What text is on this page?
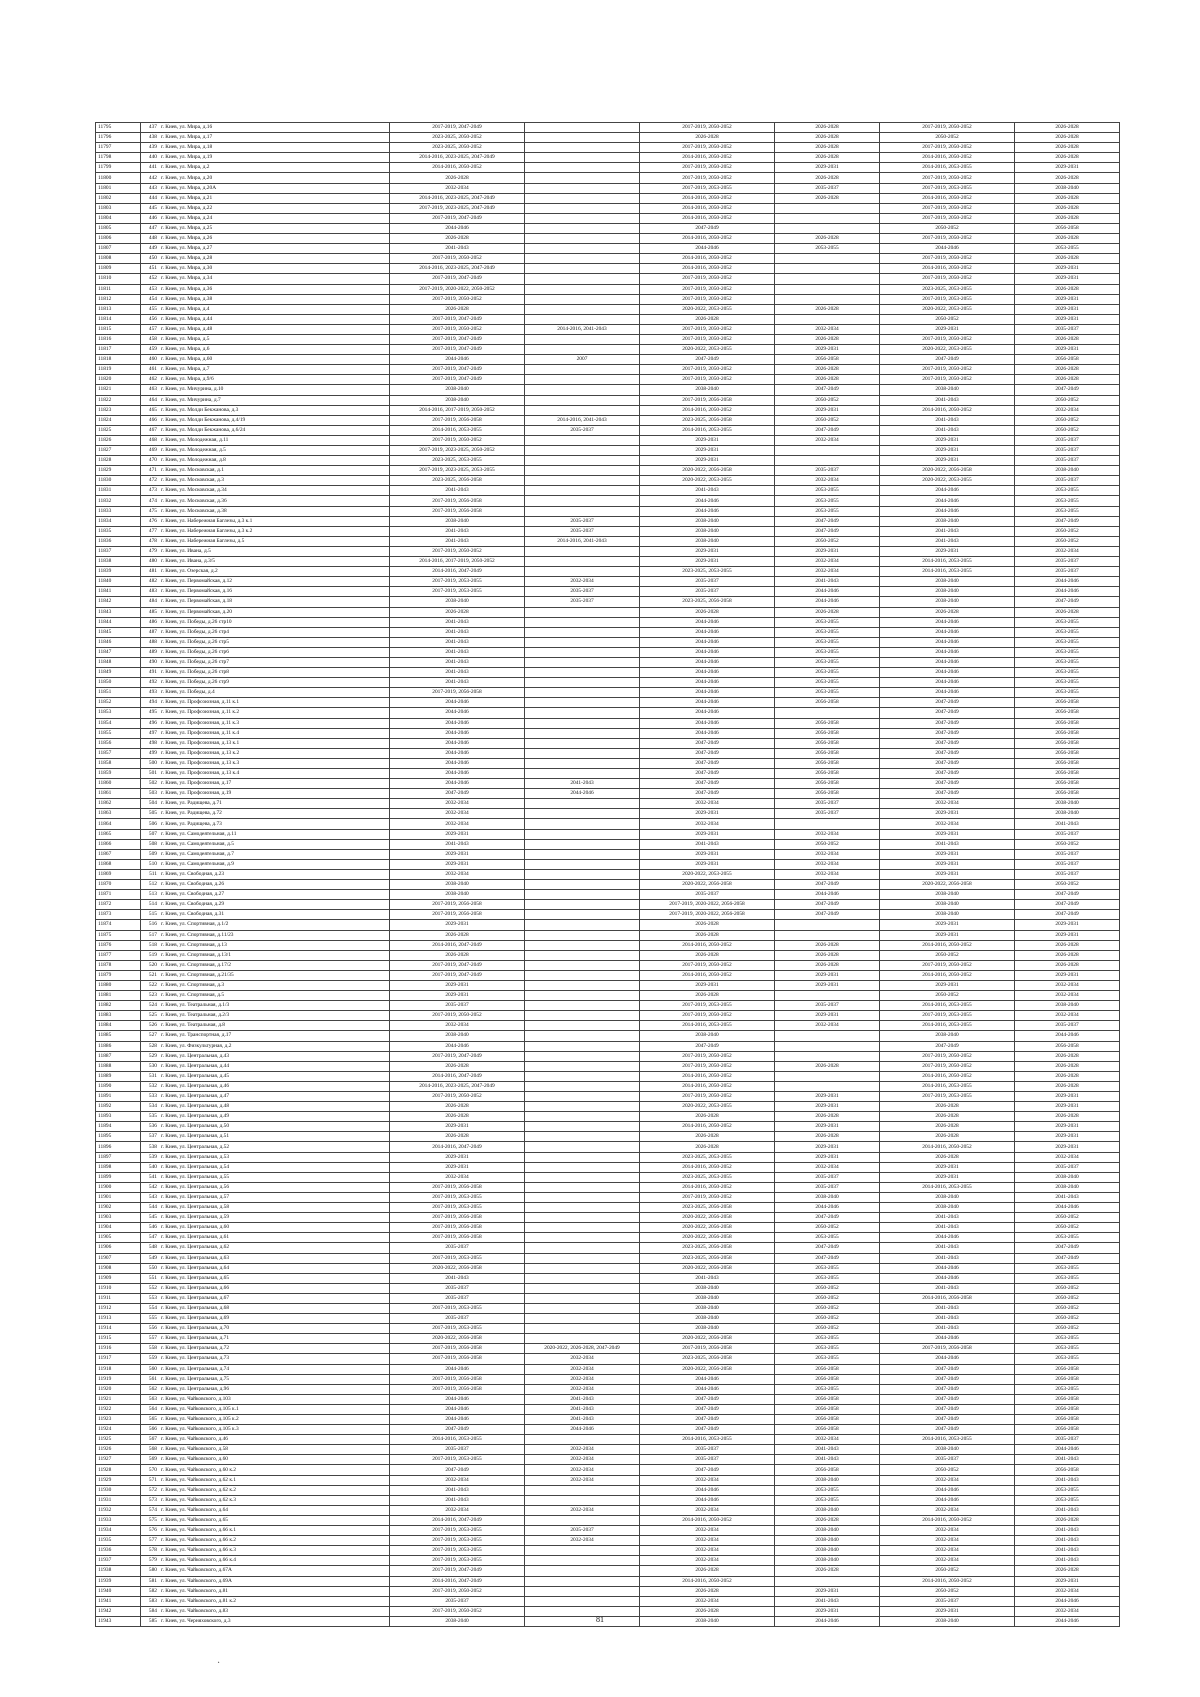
11795	437	г. Киев, ул. Мира, д.16	2017-2019, 2047-2049		2017-2019, 2050-2052	2026-2028	2017-2019, 2050-2052	2026-2028
11796	438	г. Киев, ул. Мира, д.17	2023-2025, 2050-2052		2026-2028	2026-2028	2050-2052	2026-2028
11797	439	г. Киев, ул. Мира, д.18	2023-2025, 2050-2052		2017-2019, 2050-2052	2026-2028	2017-2019, 2050-2052	2026-2028
11798	440	г. Киев, ул. Мира, д.19	2014-2016, 2023-2025, 2047-2049		2014-2016, 2050-2052	2026-2028	2014-2016, 2050-2052	2026-2028
11799	441	г. Киев, ул. Мира, д.2	2014-2016, 2050-2052		2017-2019, 2050-2052	2029-2031	2014-2016, 2053-2055	2029-2031
11800	442	г. Киев, ул. Мира, д.20	2026-2028		2017-2019, 2050-2052	2026-2028	2017-2019, 2050-2052	2026-2028
11801	443	г. Киев, ул. Мира, д.20А	2032-2034		2017-2019, 2053-2055	2035-2037	2017-2019, 2053-2055	2038-2040
11802	444	г. Киев, ул. Мира, д.21	2014-2016, 2023-2025, 2047-2049		2014-2016, 2050-2052	2026-2028	2014-2016, 2050-2052	2026-2028
11803	445	г. Киев, ул. Мира, д.22	2017-2019, 2023-2025, 2047-2049		2014-2016, 2050-2052		2017-2019, 2050-2052	2026-2028
11804	446	г. Киев, ул. Мира, д.24	2017-2019, 2047-2049		2014-2016, 2050-2052		2017-2019, 2050-2052	2026-2028
11805	447	г. Киев, ул. Мира, д.25	2044-2046		2047-2049		2050-2052	2056-2058
11806	448	г. Киев, ул. Мира, д.26	2026-2028		2014-2016, 2050-2052	2026-2028	2017-2019, 2050-2052	2026-2028
11807	449	г. Киев, ул. Мира, д.27	2041-2043		2044-2046	2053-2055	2044-2046	2053-2055
11808	450	г. Киев, ул. Мира, д.28	2017-2019, 2050-2052		2014-2016, 2050-2052		2017-2019, 2050-2052	2026-2028
11809	451	г. Киев, ул. Мира, д.30	2014-2016, 2023-2025, 2047-2049		2014-2016, 2050-2052		2014-2016, 2050-2052	2029-2031
11810	452	г. Киев, ул. Мира, д.34	2017-2019, 2047-2049		2017-2019, 2050-2052		2017-2019, 2050-2052	2029-2031
11811	453	г. Киев, ул. Мира, д.36	2017-2019, 2020-2022, 2050-2052		2017-2019, 2050-2052		2023-2025, 2053-2055	2026-2028
11812	454	г. Киев, ул. Мира, д.38	2017-2019, 2050-2052		2017-2019, 2050-2052		2017-2019, 2053-2055	2029-2031
11813	455	г. Киев, ул. Мира, д.4	2026-2028		2020-2022, 2053-2055	2026-2028	2020-2022, 2053-2055	2029-2031
11814	456	г. Киев, ул. Мира, д.44	2017-2019, 2047-2049		2026-2028		2050-2052	2029-2031
11815	457	г. Киев, ул. Мира, д.48	2017-2019, 2050-2052	2014-2016, 2041-2043	2017-2019, 2050-2052	2032-2034	2029-2031	2035-2037
11816	458	г. Киев, ул. Мира, д.5	2017-2019, 2047-2049		2017-2019, 2050-2052	2026-2028	2017-2019, 2050-2052	2026-2028
11817	459	г. Киев, ул. Мира, д.6	2017-2019, 2047-2049		2020-2022, 2053-2055	2029-2031	2020-2022, 2053-2055	2029-2031
11818	460	г. Киев, ул. Мира, д.60	2044-2046	2007	2047-2049	2056-2058	2047-2049	2056-2058
11819	461	г. Киев, ул. Мира, д.7	2017-2019, 2047-2049		2017-2019, 2050-2052	2026-2028	2017-2019, 2050-2052	2026-2028
11820	462	г. Киев, ул. Мира, д.9/6	2017-2019, 2047-2049		2017-2019, 2050-2052	2026-2028	2017-2019, 2050-2052	2026-2028
11821	463	г. Киев, ул. Мичурина, д.10	2038-2040		2038-2040	2047-2049	2038-2040	2047-2049
11822	464	г. Киев, ул. Мичурина, д.7	2038-2040		2017-2019, 2056-2058	2050-2052	2041-2043	2050-2052
11823	465	г. Киев, ул. Молди Бекжанова, д.3	2014-2016, 2017-2019, 2050-2052		2014-2016, 2050-2052	2029-2031	2014-2016, 2050-2052	2032-2034
11824	466	г. Киев, ул. Молди Бекжанова, д.4/19	2017-2019, 2056-2058	2014-2016, 2041-2043	2023-2025, 2056-2058	2050-2052	2041-2043	2050-2052
11825	467	г. Киев, ул. Молди Бекжанова, д.6/24	2014-2016, 2053-2055	2035-2037	2014-2016, 2053-2055	2047-2049	2041-2043	2050-2052
11826	468	г. Киев, ул. Молодежная, д.11	2017-2019, 2050-2052		2029-2031	2032-2034	2029-2031	2035-2037
11827	469	г. Киев, ул. Молодежная, д.5	2017-2019, 2023-2025, 2050-2052		2029-2031		2029-2031	2035-2037
11828	470	г. Киев, ул. Молодежная, д.8	2023-2025, 2053-2055		2029-2031		2029-2031	2035-2037
11829	471	г. Киев, ул. Московская, д.1	2017-2019, 2023-2025, 2053-2055		2020-2022, 2056-2058	2035-2037	2020-2022, 2056-2058	2038-2040
11830	472	г. Киев, ул. Московская, д.3	2023-2025, 2056-2058		2020-2022, 2053-2055	2032-2034	2020-2022, 2053-2055	2035-2037
11831	473	г. Киев, ул. Московская, д.34	2041-2043		2041-2043	2053-2055	2044-2046	2053-2055
11832	474	г. Киев, ул. Московская, д.36	2017-2019, 2056-2058		2044-2046	2053-2055	2044-2046	2053-2055
11833	475	г. Киев, ул. Московская, д.38	2017-2019, 2056-2058		2044-2046	2053-2055	2044-2046	2053-2055
11834	476	г. Киев, ул. Набережная Баглезы, д.3 к.1	2038-2040	2035-2037	2038-2040	2047-2049	2038-2040	2047-2049
11835	477	г. Киев, ул. Набережная Баглезы, д.3 к.2	2041-2043	2035-2037	2038-2040	2047-2049	2041-2043	2050-2052
11836	478	г. Киев, ул. Набережная Баглезы, д.5	2041-2043	2014-2016, 2041-2043	2038-2040	2050-2052	2041-2043	2050-2052
11837	479	г. Киев, ул. Ивана, д.5	2017-2019, 2050-2052		2029-2031	2029-2031	2029-2031	2032-2034
11838	480	г. Киев, ул. Ивана, д.3/5	2014-2016, 2017-2019, 2050-2052		2029-2031	2032-2034	2014-2016, 2053-2055	2035-2037
11839	481	г. Киев, ул. Озерская, д.2	2014-2016, 2047-2049		2023-2025, 2053-2055	2032-2034	2014-2016, 2053-2055	2035-2037
11840	482	г. Киев, ул. Первомайская, д.12	2017-2019, 2053-2055	2032-2034	2035-2037	2041-2043	2038-2040	2044-2046
11841	483	г. Киев, ул. Первомайская, д.16	2017-2019, 2053-2055	2035-2037	2035-2037	2044-2046	2038-2040	2044-2046
11842	484	г. Киев, ул. Первомайская, д.18	2038-2040	2035-2037	2023-2025, 2056-2058	2044-2046	2038-2040	2047-2049
11843	485	г. Киев, ул. Первомайская, д.20	2026-2028		2026-2028	2026-2028	2026-2028	2026-2028
11844	486	г. Киев, ул. Победы, д.26 стр10	2041-2043		2044-2046	2053-2055	2044-2046	2053-2055
11845	487	г. Киев, ул. Победы, д.26 стр4	2041-2043		2044-2046	2053-2055	2044-2046	2053-2055
11846	488	г. Киев, ул. Победы, д.26 стр5	2041-2043		2044-2046	2053-2055	2044-2046	2053-2055
11847	489	г. Киев, ул. Победы, д.26 стр6	2041-2043		2044-2046	2053-2055	2044-2046	2053-2055
11848	490	г. Киев, ул. Победы, д.26 стр7	2041-2043		2044-2046	2053-2055	2044-2046	2053-2055
11849	491	г. Киев, ул. Победы, д.26 стр8	2041-2043		2044-2046	2053-2055	2044-2046	2053-2055
11850	492	г. Киев, ул. Победы, д.26 стр9	2041-2043		2044-2046	2053-2055	2044-2046	2053-2055
11851	493	г. Киев, ул. Победы, д.4	2017-2019, 2056-2058		2044-2046	2053-2055	2044-2046	2053-2055
11852	494	г. Киев, ул. Профсоюзная, д.11 к.1	2044-2046		2044-2046	2056-2058	2047-2049	2056-2058
11853	495	г. Киев, ул. Профсоюзная, д.11 к.2	2044-2046		2044-2046		2047-2049	2056-2058
11854	496	г. Киев, ул. Профсоюзная, д.11 к.3	2044-2046		2044-2046	2056-2058	2047-2049	2056-2058
11855	497	г. Киев, ул. Профсоюзная, д.11 к.4	2044-2046		2044-2046	2056-2058	2047-2049	2056-2058
11856	498	г. Киев, ул. Профсоюзная, д.13 к.1	2044-2046		2047-2049	2056-2058	2047-2049	2056-2058
11857	499	г. Киев, ул. Профсоюзная, д.13 к.2	2044-2046		2047-2049	2056-2058	2047-2049	2056-2058
11858	500	г. Киев, ул. Профсоюзная, д.13 к.3	2044-2046		2047-2049	2056-2058	2047-2049	2056-2058
11859	501	г. Киев, ул. Профсоюзная, д.13 к.4	2044-2046		2047-2049	2056-2058	2047-2049	2056-2058
11860	502	г. Киев, ул. Профсоюзная, д.17	2044-2046	2041-2043	2047-2049	2056-2058	2047-2049	2056-2058
11861	503	г. Киев, ул. Профсоюзная, д.19	2047-2049	2044-2046	2047-2049	2056-2058	2047-2049	2056-2058
11862	504	г. Киев, ул. Радищева, д.71	2032-2034		2032-2034	2035-2037	2032-2034	2038-2040
11863	505	г. Киев, ул. Радищева, д.72	2032-2034		2029-2031	2035-2037	2029-2031	2038-2040
11864	506	г. Киев, ул. Радищева, д.73	2032-2034		2032-2034		2032-2034	2041-2043
11865	507	г. Киев, ул. Самодеятельная, д.11	2029-2031		2029-2031	2032-2034	2029-2031	2035-2037
11866	508	г. Киев, ул. Самодеятельная, д.5	2041-2043		2041-2043	2050-2052	2041-2043	2050-2052
11867	509	г. Киев, ул. Самодеятельная, д.7	2029-2031		2029-2031	2032-2034	2029-2031	2035-2037
11868	510	г. Киев, ул. Самодеятельная, д.9	2029-2031		2029-2031	2032-2034	2029-2031	2035-2037
11869	511	г. Киев, ул. Свободная, д.23	2032-2034		2020-2022, 2053-2055	2032-2034	2029-2031	2035-2037
11870	512	г. Киев, ул. Свободная, д.26	2038-2040		2020-2022, 2056-2058	2047-2049	2020-2022, 2056-2058	2050-2052
11871	513	г. Киев, ул. Свободная, д.27	2038-2040		2035-2037	2044-2046	2038-2040	2047-2049
11872	514	г. Киев, ул. Свободная, д.29	2017-2019, 2056-2058		2017-2019, 2020-2022, 2056-2058	2047-2049	2038-2040	2047-2049
11873	515	г. Киев, ул. Свободная, д.31	2017-2019, 2056-2058		2017-2019, 2020-2022, 2056-2058	2047-2049	2038-2040	2047-2049
11874	516	г. Киев, ул. Спортивная, д.1/2	2029-2031		2026-2028		2029-2031	2029-2031
11875	517	г. Киев, ул. Спортивная, д.11/23	2026-2028		2026-2028		2029-2031	2029-2031
11876	518	г. Киев, ул. Спортивная, д.13	2014-2016, 2047-2049		2014-2016, 2050-2052	2026-2028	2014-2016, 2050-2052	2026-2028
11877	519	г. Киев, ул. Спортивная, д.13/1	2026-2028		2026-2028	2026-2028	2050-2052	2026-2028
11878	520	г. Киев, ул. Спортивная, д.17/2	2017-2019, 2047-2049		2017-2019, 2050-2052	2026-2028	2017-2019, 2050-2052	2026-2028
11879	521	г. Киев, ул. Спортивная, д.21/35	2017-2019, 2047-2049		2014-2016, 2050-2052	2029-2031	2014-2016, 2050-2052	2029-2031
11880	522	г. Киев, ул. Спортивная, д.3	2029-2031		2029-2031	2029-2031	2029-2031	2032-2034
11881	523	г. Киев, ул. Спортивная, д.5	2029-2031		2026-2028		2050-2052	2032-2034
11882	524	г. Киев, ул. Театральная, д.1/3	2035-2037		2017-2019, 2053-2055	2035-2037	2014-2016, 2053-2055	2038-2040
11883	525	г. Киев, ул. Театральная, д.2/3	2017-2019, 2050-2052		2017-2019, 2050-2052	2029-2031	2017-2019, 2053-2055	2032-2034
11884	526	г. Киев, ул. Театральная, д.8	2032-2034		2014-2016, 2053-2055	2032-2034	2014-2016, 2053-2055	2035-2037
11885	527	г. Киев, ул. Транспортная, д.17	2038-2040		2038-2040		2038-2040	2044-2046
11886	528	г. Киев, ул. Физкультурная, д.2	2044-2046		2047-2049		2047-2049	2056-2058
11887	529	г. Киев, ул. Центральная, д.43	2017-2019, 2047-2049		2017-2019, 2050-2052		2017-2019, 2050-2052	2026-2028
11888	530	г. Киев, ул. Центральная, д.44	2026-2028		2017-2019, 2050-2052	2026-2028	2017-2019, 2050-2052	2026-2028
11889	531	г. Киев, ул. Центральная, д.45	2014-2016, 2047-2049		2014-2016, 2050-2052		2014-2016, 2050-2052	2026-2028
11890	532	г. Киев, ул. Центральная, д.46	2014-2016, 2023-2025, 2047-2049		2014-2016, 2050-2052		2014-2016, 2053-2055	2026-2028
11891	533	г. Киев, ул. Центральная, д.47	2017-2019, 2050-2052		2017-2019, 2050-2052	2029-2031	2017-2019, 2053-2055	2029-2031
11892	534	г. Киев, ул. Центральная, д.48	2026-2028		2020-2022, 2053-2055	2029-2031	2026-2028	2029-2031
11893	535	г. Киев, ул. Центральная, д.49	2026-2028		2026-2028	2026-2028	2026-2028	2026-2028
11894	536	г. Киев, ул. Центральная, д.50	2029-2031		2014-2016, 2050-2052	2029-2031	2026-2028	2029-2031
11895	537	г. Киев, ул. Центральная, д.51	2026-2028		2026-2028	2026-2028	2026-2028	2029-2031
11896	538	г. Киев, ул. Центральная, д.52	2014-2016, 2047-2049		2026-2028	2029-2031	2014-2016, 2050-2052	2029-2031
11897	539	г. Киев, ул. Центральная, д.53	2029-2031		2023-2025, 2053-2055	2029-2031	2026-2028	2032-2034
11898	540	г. Киев, ул. Центральная, д.54	2029-2031		2014-2016, 2050-2052	2032-2034	2029-2031	2035-2037
11899	541	г. Киев, ул. Центральная, д.55	2032-2034		2023-2025, 2053-2055	2035-2037	2029-2031	2038-2040
11900	542	г. Киев, ул. Центральная, д.56	2017-2019, 2056-2058		2014-2016, 2050-2052	2035-2037	2014-2016, 2053-2055	2038-2040
11901	543	г. Киев, ул. Центральная, д.57	2017-2019, 2053-2055		2017-2019, 2050-2052	2038-2040	2038-2040	2041-2043
11902	544	г. Киев, ул. Центральная, д.58	2017-2019, 2053-2055		2023-2025, 2056-2058	2044-2046	2038-2040	2044-2046
11903	545	г. Киев, ул. Центральная, д.59	2017-2019, 2056-2058		2020-2022, 2056-2058	2047-2049	2041-2043	2050-2052
11904	546	г. Киев, ул. Центральная, д.60	2017-2019, 2056-2058		2020-2022, 2056-2058	2050-2052	2041-2043	2050-2052
11905	547	г. Киев, ул. Центральная, д.61	2017-2019, 2056-2058		2020-2022, 2056-2058	2053-2055	2044-2046	2053-2055
11906	548	г. Киев, ул. Центральная, д.62	2035-2037		2023-2025, 2056-2058	2047-2049	2041-2043	2047-2049
11907	549	г. Киев, ул. Центральная, д.63	2017-2019, 2053-2055		2023-2025, 2056-2058	2047-2049	2041-2043	2047-2049
11908	550	г. Киев, ул. Центральная, д.64	2020-2022, 2056-2058		2020-2022, 2056-2058	2053-2055	2044-2046	2053-2055
11909	551	г. Киев, ул. Центральная, д.65	2041-2043		2041-2043	2053-2055	2044-2046	2053-2055
11910	552	г. Киев, ул. Центральная, д.66	2035-2037		2038-2040	2050-2052	2041-2043	2050-2052
11911	553	г. Киев, ул. Центральная, д.67	2035-2037		2038-2040	2050-2052	2014-2016, 2056-2058	2050-2052
11912	554	г. Киев, ул. Центральная, д.68	2017-2019, 2053-2055		2038-2040	2050-2052	2041-2043	2050-2052
11913	555	г. Киев, ул. Центральная, д.69	2035-2037		2038-2040	2050-2052	2041-2043	2050-2052
11914	556	г. Киев, ул. Центральная, д.70	2017-2019, 2053-2055		2038-2040	2050-2052	2041-2043	2050-2052
11915	557	г. Киев, ул. Центральная, д.71	2020-2022, 2056-2058		2020-2022, 2056-2058	2053-2055	2044-2046	2053-2055
11916	558	г. Киев, ул. Центральная, д.72	2017-2019, 2056-2058	2020-2022, 2026-2028, 2047-2049	2017-2019, 2056-2058	2053-2055	2017-2019, 2056-2058	2053-2055
11917	559	г. Киев, ул. Центральная, д.73	2017-2019, 2056-2058	2032-2034	2023-2025, 2056-2058	2053-2055	2044-2046	2053-2055
11918	560	г. Киев, ул. Центральная, д.74	2044-2046	2032-2034	2020-2022, 2056-2058	2056-2058	2047-2049	2056-2058
11919	561	г. Киев, ул. Центральная, д.75	2017-2019, 2056-2058	2032-2034	2044-2046	2056-2058	2047-2049	2056-2058
11920	562	г. Киев, ул. Центральная, д.96	2017-2019, 2056-2058	2032-2034	2044-2046	2053-2055	2047-2049	2053-2055
11921	563	г. Киев, ул. Чайковского, д.103	2044-2046	2041-2043	2047-2049	2056-2058	2047-2049	2056-2058
11922	564	г. Киев, ул. Чайковского, д.105 к.1	2044-2046	2041-2043	2047-2049	2056-2058	2047-2049	2056-2058
11923	565	г. Киев, ул. Чайковского, д.105 к.2	2044-2046	2041-2043	2047-2049	2056-2058	2047-2049	2056-2058
11924	566	г. Киев, ул. Чайковского, д.105 к.3	2047-2049	2044-2046	2047-2049	2056-2058	2047-2049	2056-2058
11925	567	г. Киев, ул. Чайковского, д.46	2014-2016, 2053-2055		2014-2016, 2053-2055	2032-2034	2014-2016, 2053-2055	2035-2037
11926	568	г. Киев, ул. Чайковского, д.58	2035-2037	2032-2034	2035-2037	2041-2043	2038-2040	2044-2046
11927	569	г. Киев, ул. Чайковского, д.60	2017-2019, 2053-2055	2032-2034	2035-2037	2041-2043	2035-2037	2041-2043
11928	570	г. Киев, ул. Чайковского, д.60 к.2	2047-2049	2032-2034	2047-2049	2056-2058	2050-2052	2056-2058
11929	571	г. Киев, ул. Чайковского, д.62 к.1	2032-2034	2032-2034	2032-2034	2038-2040	2032-2034	2041-2043
11930	572	г. Киев, ул. Чайковского, д.62 к.2	2041-2043		2044-2046	2053-2055	2044-2046	2053-2055
11931	573	г. Киев, ул. Чайковского, д.62 к.3	2041-2043		2044-2046	2053-2055	2044-2046	2053-2055
11932	574	г. Киев, ул. Чайковского, д.64	2032-2034	2032-2034	2032-2034	2038-2040	2032-2034	2041-2043
11933	575	г. Киев, ул. Чайковского, д.65	2014-2016, 2047-2049		2014-2016, 2050-2052	2026-2028	2014-2016, 2050-2052	2026-2028
11934	576	г. Киев, ул. Чайковского, д.66 к.1	2017-2019, 2053-2055	2035-2037	2032-2034	2038-2040	2032-2034	2041-2043
11935	577	г. Киев, ул. Чайковского, д.66 к.2	2017-2019, 2053-2055	2032-2034	2032-2034	2038-2040	2032-2034	2041-2043
11936	578	г. Киев, ул. Чайковского, д.66 к.3	2017-2019, 2053-2055		2032-2034	2038-2040	2032-2034	2041-2043
11937	579	г. Киев, ул. Чайковского, д.66 к.4	2017-2019, 2053-2055		2032-2034	2038-2040	2032-2034	2041-2043
11938	580	г. Киев, ул. Чайковского, д.67А	2017-2019, 2047-2049		2026-2028	2026-2028	2050-2052	2026-2028
11939	581	г. Киев, ул. Чайковского, д.69А	2014-2016, 2047-2049		2014-2016, 2050-2052		2014-2016, 2050-2052	2029-2031
11940	582	г. Киев, ул. Чайковского, д.81	2017-2019, 2050-2052		2026-2028	2029-2031	2050-2052	2032-2034
11941	583	г. Киев, ул. Чайковского, д.81 к.2	2035-2037		2032-2034	2041-2043	2035-2037	2044-2046
11942	584	г. Киев, ул. Чайковского, д.83	2017-2019, 2050-2052		2026-2028	2029-2031	2029-2031	2032-2034
11943	585	г. Киев, ул. Черняховского, д.3	2038-2040		2038-2040	2044-2046	2038-2040	2044-2046
81
·
